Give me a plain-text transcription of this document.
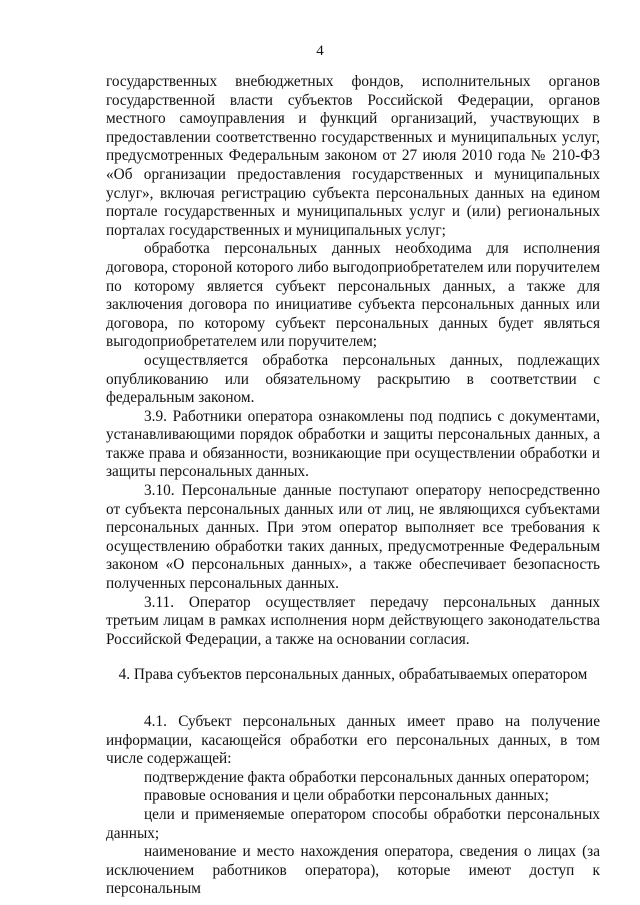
4

государственных внебюджетных фондов, исполнительных органов государственной власти субъектов Российской Федерации, органов местного самоуправления и функций организаций, участвующих в предоставлении соответственно государственных и муниципальных услуг, предусмотренных Федеральным законом от 27 июля 2010 года № 210-ФЗ «Об организации предоставления государственных и муниципальных услуг», включая регистрацию субъекта персональных данных на едином портале государственных и муниципальных услуг и (или) региональных порталах государственных и муниципальных услуг;

обработка персональных данных необходима для исполнения договора, стороной которого либо выгодоприобретателем или поручителем по которому является субъект персональных данных, а также для заключения договора по инициативе субъекта персональных данных или договора, по которому субъект персональных данных будет являться выгодоприобретателем или поручителем;

осуществляется обработка персональных данных, подлежащих опубликованию или обязательному раскрытию в соответствии с федеральным законом.

3.9. Работники оператора ознакомлены под подпись с документами, устанавливающими порядок обработки и защиты персональных данных, а также права и обязанности, возникающие при осуществлении обработки и защиты персональных данных.

3.10. Персональные данные поступают оператору непосредственно от субъекта персональных данных или от лиц, не являющихся субъектами персональных данных. При этом оператор выполняет все требования к осуществлению обработки таких данных, предусмотренные Федеральным законом «О персональных данных», а также обеспечивает безопасность полученных персональных данных.

3.11. Оператор осуществляет передачу персональных данных третьим лицам в рамках исполнения норм действующего законодательства Российской Федерации, а также на основании согласия.

4. Права субъектов персональных данных, обрабатываемых оператором

4.1. Субъект персональных данных имеет право на получение информации, касающейся обработки его персональных данных, в том числе содержащей:

подтверждение факта обработки персональных данных оператором;

правовые основания и цели обработки персональных данных;

цели и применяемые оператором способы обработки персональных данных;

наименование и место нахождения оператора, сведения о лицах (за исключением работников оператора), которые имеют доступ к персональным
